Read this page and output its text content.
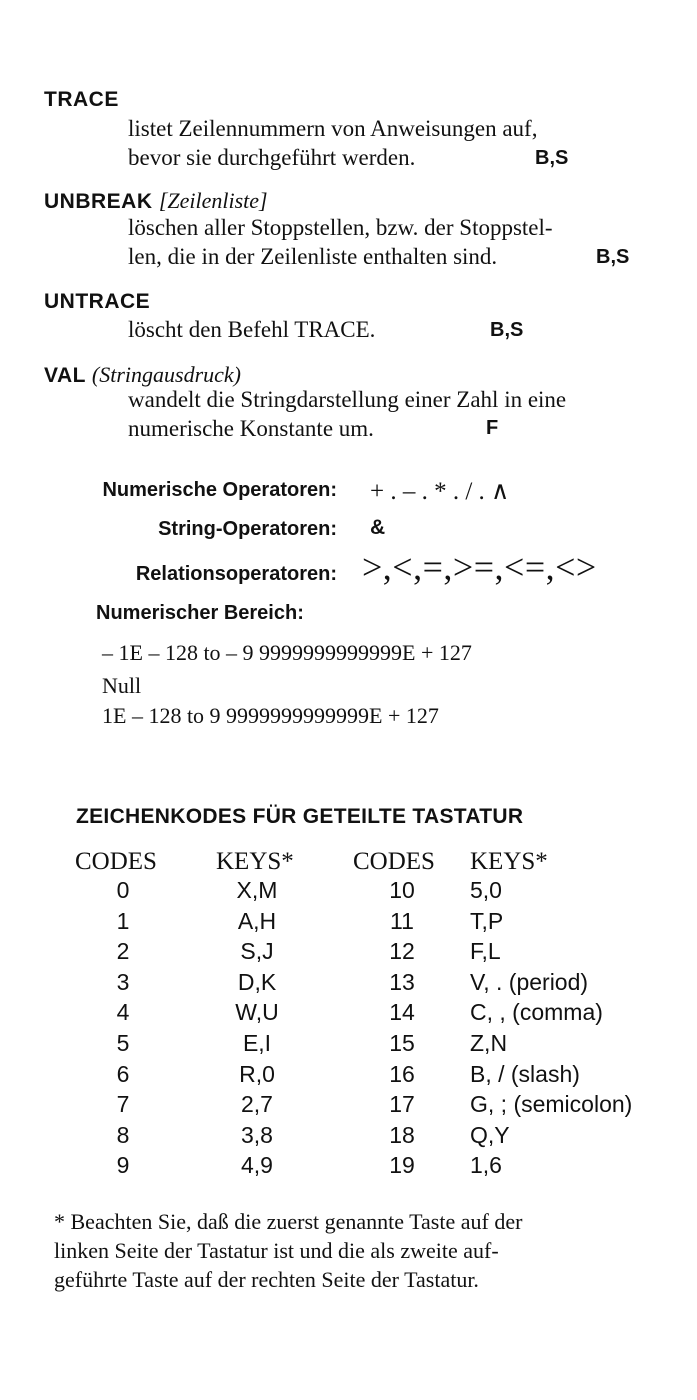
TRACE
listet Zeilennummern von Anweisungen auf,
bevor sie durchgeführt werden.	B,S
UNBREAK [Zeilenliste]
löschen aller Stoppstellen, bzw. der Stoppstel-
len, die in der Zeilenliste enthalten sind.	B,S
UNTRACE
löscht den Befehl TRACE.	B,S
VAL (Stringausdruck)
wandelt die Stringdarstellung einer Zahl in eine
numerische Konstante um.	F
Numerische Operatoren: + . – . * . / . ∧
String-Operatoren: &
Relationsoperatoren: >,<,=,>=,<=,<>
Numerischer Bereich:
– 1E – 128 to – 9 9999999999999E + 127
Null
1E – 128 to 9 9999999999999E + 127
ZEICHENKODES FÜR GETEILTE TASTATUR
CODES KEYS* CODES KEYS*
0	X,M	10	5,0
1	A,H	11	T,P
2	S,J	12	F,L
3	D,K	13	V, . (period)
4	W,U	14	C, , (comma)
5	E,I	15	Z,N
6	R,0	16	B, / (slash)
7	2,7	17	G, ; (semicolon)
8	3,8	18	Q,Y
9	4,9	19	1,6
* Beachten Sie, daß die zuerst genannte Taste auf der
linken Seite der Tastatur ist und die als zweite auf-
geführte Taste auf der rechten Seite der Tastatur.
